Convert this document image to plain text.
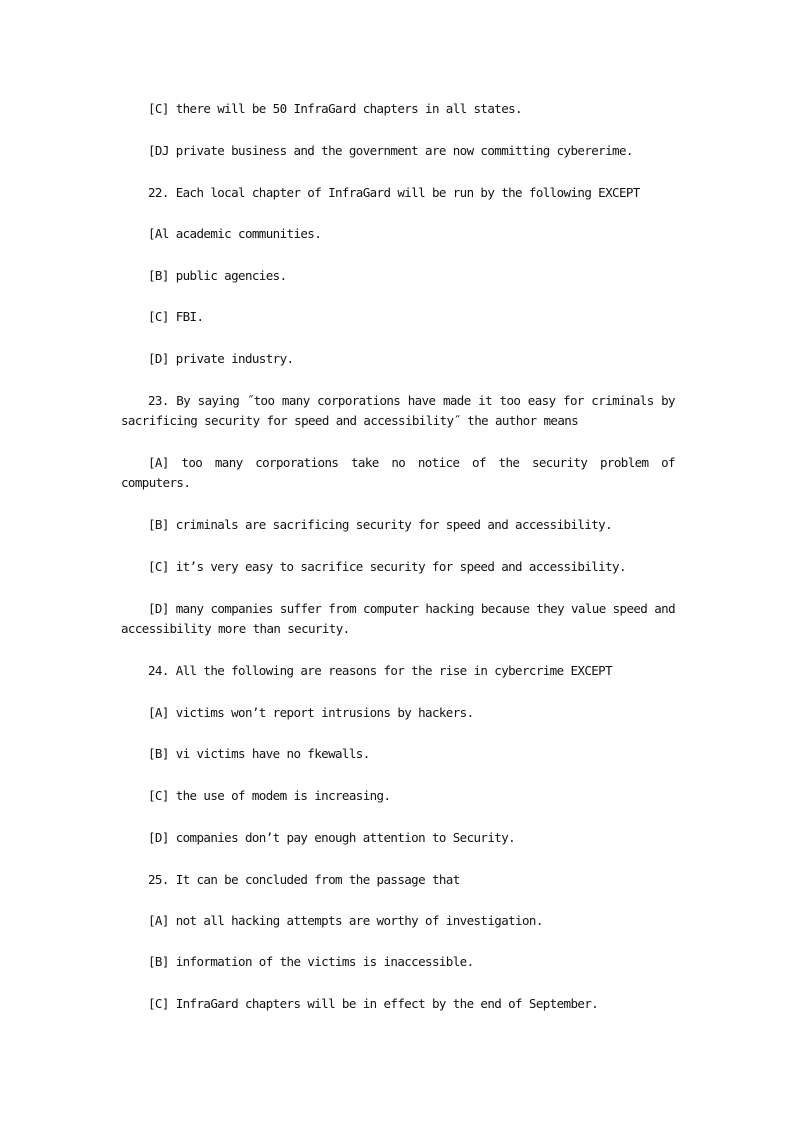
[C] there will be 50 InfraGard chapters in all states.

[DJ private business and the government are now committing cybererime.

22. Each local chapter of InfraGard will be run by the following EXCEPT

[Al academic communities.

[B] public agencies.

[C] FBI.

[D] private industry.

23. By saying ˝too many corporations have made it too easy for criminals by sacrificing security for speed and accessibility˝ the author means

[A] too many corporations take no notice of the security problem of computers.

[B] criminals are sacrificing security for speed and accessibility.

[C] it’s very easy to sacrifice security for speed and accessibility.

[D] many companies suffer from computer hacking because they value speed and accessibility more than security.

24. All the following are reasons for the rise in cybercrime EXCEPT

[A] victims won’t report intrusions by hackers.

[B] vi victims have no fkewalls.

[C] the use of modem is increasing.

[D] companies don’t pay enough attention to Security.

25. It can be concluded from the passage that

[A] not all hacking attempts are worthy of investigation.

[B] information of the victims is inaccessible.

[C] InfraGard chapters will be in effect by the end of September.
